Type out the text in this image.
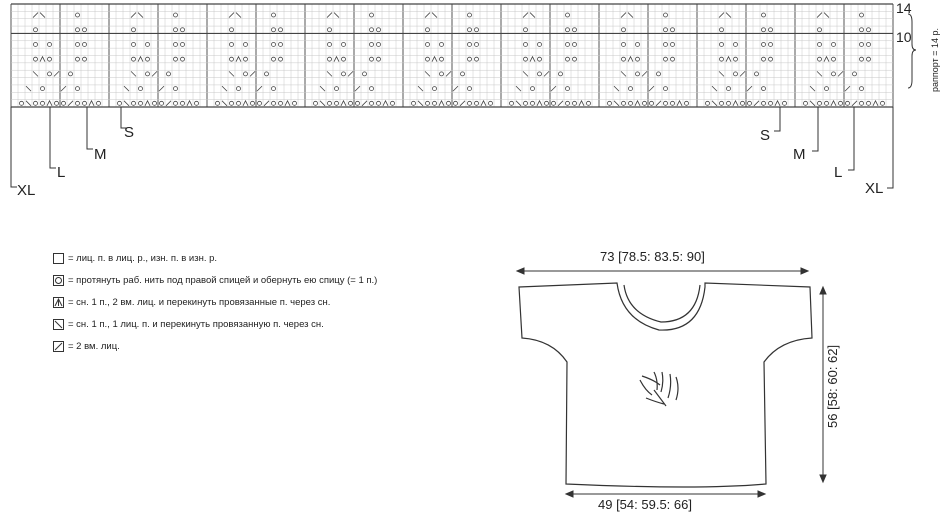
14
10 раппорт = 14 р.
S
M
L
XL
S
M
L
XL
= лиц. п. в лиц. р., изн. п. в изн. р.
= протянуть раб. нить под правой спицей и обернуть ею спицу (= 1 п.)
= сн. 1 п., 2 вм. лиц. и перекинуть провязанные п. через сн.
= сн. 1 п., 1 лиц. п. и перекинуть провязанную п. через сн.
= 2 вм. лиц.
73 [78.5: 83.5: 90]
56 [58: 60: 62]
49 [54: 59.5: 66]
